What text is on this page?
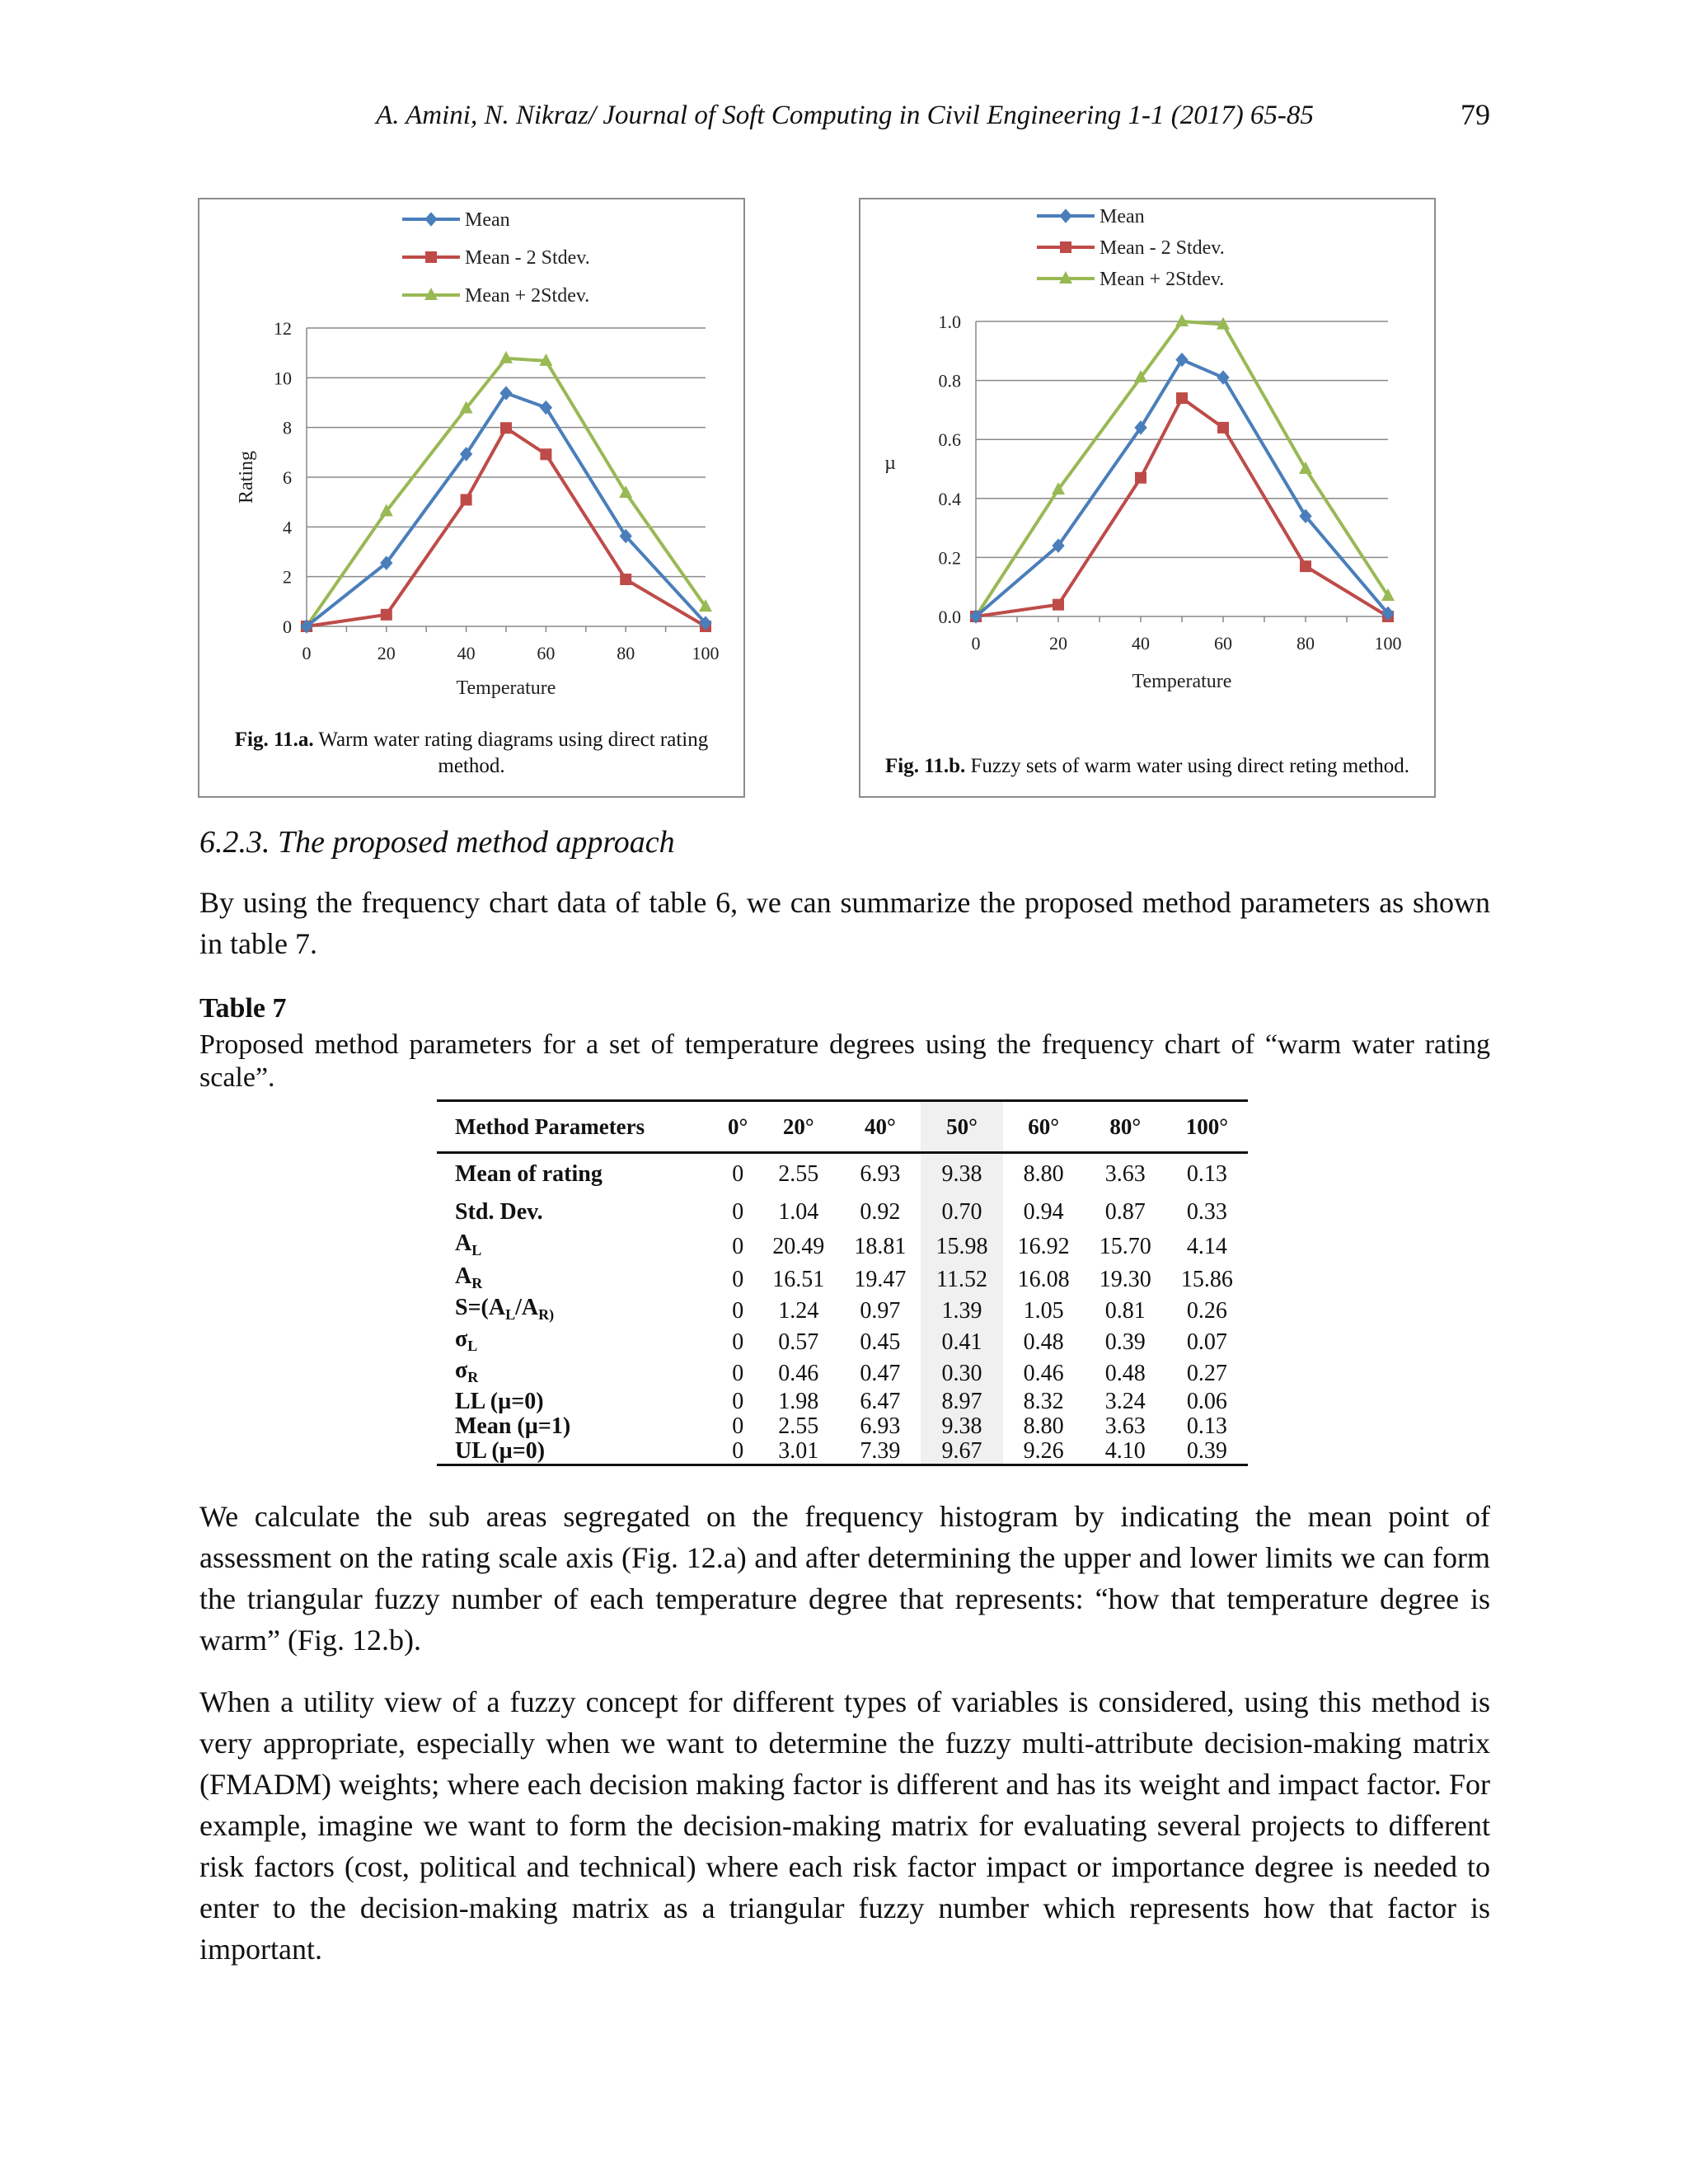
A. Amini, N. Nikraz/ Journal of Soft Computing in Civil Engineering 1-1 (2017) 65-85	79
0
2
4
6
8
10
12
0	20	40	60	80	100
Temperature
Rating
Mean
Mean - 2 Stdev.
Mean + 2Stdev.
Fig. 11.a. Warm water rating diagrams using direct rating method.
0.0
0.2
0.4
0.6
0.8
1.0
0	20	40	60	80	100
Temperature
µ
Mean
Mean - 2 Stdev.
Mean + 2Stdev.
Fig. 11.b. Fuzzy sets of warm water using direct reting method.
6.2.3. The proposed method approach
By using the frequency chart data of table 6, we can summarize the proposed method parameters as shown in table 7.
Table 7
Proposed method parameters for a set of temperature degrees using the frequency chart of “warm water rating scale”.
Method Parameters	0°	20°	40°	50°	60°	80°	100°
Mean of rating	0	2.55	6.93	9.38	8.80	3.63	0.13
Std. Dev.	0	1.04	0.92	0.70	0.94	0.87	0.33
$A_L$	0	20.49	18.81	15.98	16.92	15.70	4.14
$A_R$	0	16.51	19.47	11.52	16.08	19.30	15.86
$S=(A_L/A_{R)}$	0	1.24	0.97	1.39	1.05	0.81	0.26
$\sigma_L$	0	0.57	0.45	0.41	0.48	0.39	0.07
$\sigma_R$	0	0.46	0.47	0.30	0.46	0.48	0.27
LL (µ=0)	0	1.98	6.47	8.97	8.32	3.24	0.06
Mean (µ=1)	0	2.55	6.93	9.38	8.80	3.63	0.13
UL (µ=0)	0	3.01	7.39	9.67	9.26	4.10	0.39
We calculate the sub areas segregated on the frequency histogram by indicating the mean point of assessment on the rating scale axis (Fig. 12.a) and after determining the upper and lower limits we can form the triangular fuzzy number of each temperature degree that represents: “how that temperature degree is warm” (Fig. 12.b).
When a utility view of a fuzzy concept for different types of variables is considered, using this method is very appropriate, especially when we want to determine the fuzzy multi-attribute decision-making matrix (FMADM) weights; where each decision making factor is different and has its weight and impact factor. For example, imagine we want to form the decision-making matrix for evaluating several projects to different risk factors (cost, political and technical) where each risk factor impact or importance degree is needed to enter to the decision-making matrix as a triangular fuzzy number which represents how that factor is important.
